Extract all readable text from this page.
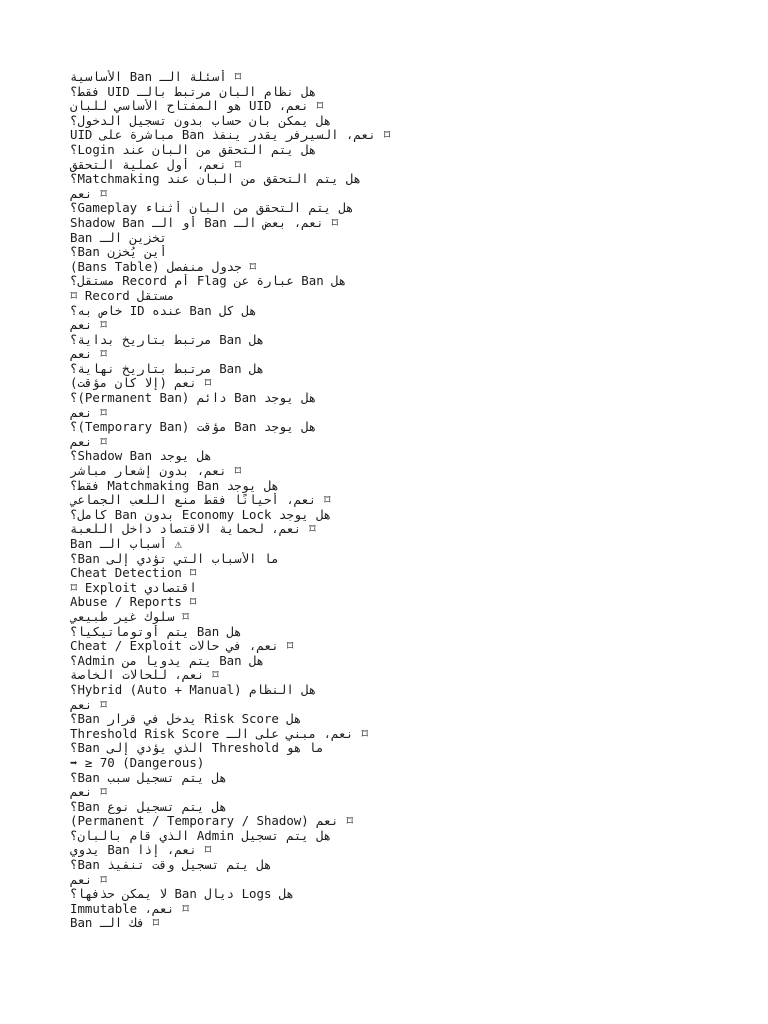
⌑ أسئلة الـ Ban الأساسية
هل نظام البان مرتبط بالـ UID فقط؟
⌑ نعم، UID هو المفتاح الأساسي للبان
هل يمكن بان حساب بدون تسجيل الدخول؟
⌑ نعم، السيرفر يقدر ينفذ Ban مباشرة على UID
هل يتم التحقق من البان عند Login؟
⌑ نعم، أول عملية التحقق
هل يتم التحقق من البان عند Matchmaking؟
⌑ نعم
هل يتم التحقق من البان أثناء Gameplay؟
⌑ نعم، بعض الـ Ban أو الـ Shadow Ban
تخزين الـ Ban
أين يُخزن Ban؟
⌑ جدول منفصل (Bans Table)
هل Ban عبارة عن Flag أم Record مستقل؟
⌑ Record مستقل
هل كل Ban عنده ID خاص به؟
⌑ نعم
هل Ban مرتبط بتاريخ بداية؟
⌑ نعم
هل Ban مرتبط بتاريخ نهاية؟
⌑ نعم (إلا كان مؤقت)
هل يوجد Ban دائم (Permanent Ban)؟
⌑ نعم
هل يوجد Ban مؤقت (Temporary Ban)؟
⌑ نعم
هل يوجد Shadow Ban؟
⌑ نعم، بدون إشعار مباشر
هل يوجد Matchmaking Ban فقط؟
⌑ نعم، أحيانًا فقط منع اللعب الجماعي
هل يوجد Economy Lock بدون Ban كامل؟
⌑ نعم، لحماية الاقتصاد داخل اللعبة
⚠ أسباب الـ Ban
ما الأسباب التي تؤدي إلى Ban؟
Cheat Detection ⌑
⌑ Exploit اقتصادي
Abuse / Reports ⌑
⌑ سلوك غير طبيعي
هل Ban يتم أوتوماتيكيا؟
⌑ نعم، في حالات Cheat / Exploit
هل Ban يتم يدويا من Admin؟
⌑ نعم، للحالات الخاصة
هل النظام Hybrid (Auto + Manual)؟
⌑ نعم
هل Risk Score يدخل في قرار Ban؟
⌑ نعم، مبني على الـ Threshold Risk Score
ما هو Threshold الذي يؤدي إلى Ban؟
➡ ≥ 70 (Dangerous)
هل يتم تسجيل سبب Ban؟
⌑ نعم
هل يتم تسجيل نوع Ban؟
⌑ نعم (Permanent / Temporary / Shadow)
هل يتم تسجيل Admin الذي قام بالبان؟
⌑ نعم، إذا Ban يدوي
هل يتم تسجيل وقت تنفيذ Ban؟
⌑ نعم
هل Logs ديال Ban لا يمكن حذفها؟
⌑ نعم، Immutable
⌑ فك الـ Ban
